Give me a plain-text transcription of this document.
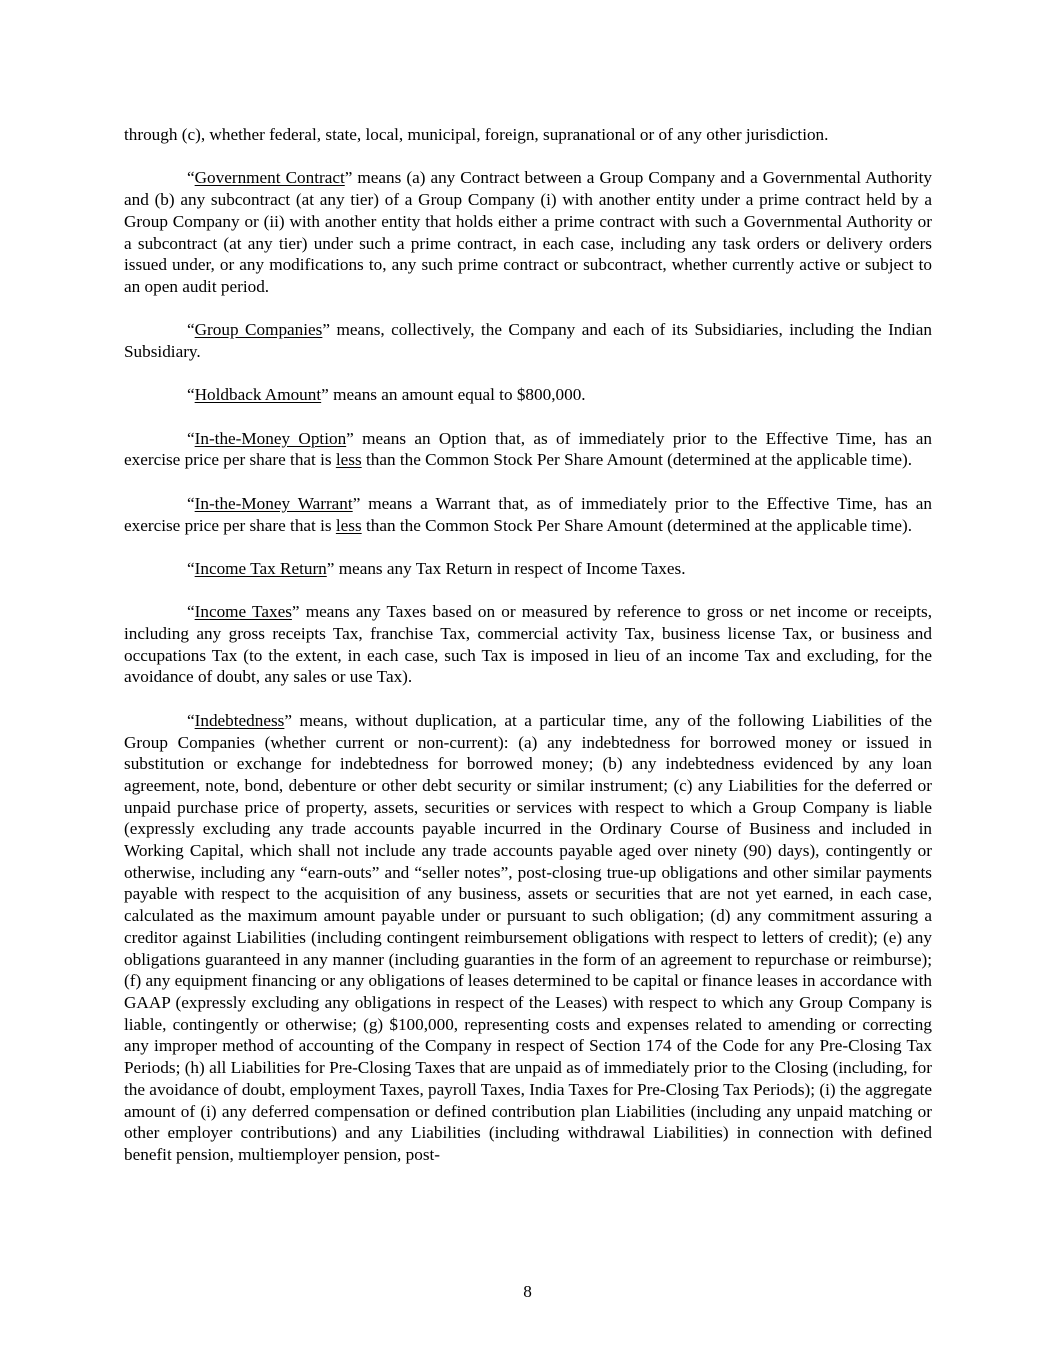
through (c), whether federal, state, local, municipal, foreign, supranational or of any other jurisdiction.

“Government Contract” means (a) any Contract between a Group Company and a Governmental Authority and (b) any subcontract (at any tier) of a Group Company (i) with another entity under a prime contract held by a Group Company or (ii) with another entity that holds either a prime contract with such a Governmental Authority or a subcontract (at any tier) under such a prime contract, in each case, including any task orders or delivery orders issued under, or any modifications to, any such prime contract or subcontract, whether currently active or subject to an open audit period.

“Group Companies” means, collectively, the Company and each of its Subsidiaries, including the Indian Subsidiary.

“Holdback Amount” means an amount equal to $800,000.

“In-the-Money Option” means an Option that, as of immediately prior to the Effective Time, has an exercise price per share that is less than the Common Stock Per Share Amount (determined at the applicable time).

“In-the-Money Warrant” means a Warrant that, as of immediately prior to the Effective Time, has an exercise price per share that is less than the Common Stock Per Share Amount (determined at the applicable time).

“Income Tax Return” means any Tax Return in respect of Income Taxes.

“Income Taxes” means any Taxes based on or measured by reference to gross or net income or receipts, including any gross receipts Tax, franchise Tax, commercial activity Tax, business license Tax, or business and occupations Tax (to the extent, in each case, such Tax is imposed in lieu of an income Tax and excluding, for the avoidance of doubt, any sales or use Tax).

“Indebtedness” means, without duplication, at a particular time, any of the following Liabilities of the Group Companies (whether current or non-current): (a) any indebtedness for borrowed money or issued in substitution or exchange for indebtedness for borrowed money; (b) any indebtedness evidenced by any loan agreement, note, bond, debenture or other debt security or similar instrument; (c) any Liabilities for the deferred or unpaid purchase price of property, assets, securities or services with respect to which a Group Company is liable (expressly excluding any trade accounts payable incurred in the Ordinary Course of Business and included in Working Capital, which shall not include any trade accounts payable aged over ninety (90) days), contingently or otherwise, including any “earn-outs” and “seller notes”, post-closing true-up obligations and other similar payments payable with respect to the acquisition of any business, assets or securities that are not yet earned, in each case, calculated as the maximum amount payable under or pursuant to such obligation; (d) any commitment assuring a creditor against Liabilities (including contingent reimbursement obligations with respect to letters of credit); (e) any obligations guaranteed in any manner (including guaranties in the form of an agreement to repurchase or reimburse); (f) any equipment financing or any obligations of leases determined to be capital or finance leases in accordance with GAAP (expressly excluding any obligations in respect of the Leases) with respect to which any Group Company is liable, contingently or otherwise; (g) $100,000, representing costs and expenses related to amending or correcting any improper method of accounting of the Company in respect of Section 174 of the Code for any Pre-Closing Tax Periods; (h) all Liabilities for Pre-Closing Taxes that are unpaid as of immediately prior to the Closing (including, for the avoidance of doubt, employment Taxes, payroll Taxes, India Taxes for Pre-Closing Tax Periods); (i) the aggregate amount of (i) any deferred compensation or defined contribution plan Liabilities (including any unpaid matching or other employer contributions) and any Liabilities (including withdrawal Liabilities) in connection with defined benefit pension, multiemployer pension, post-

8
